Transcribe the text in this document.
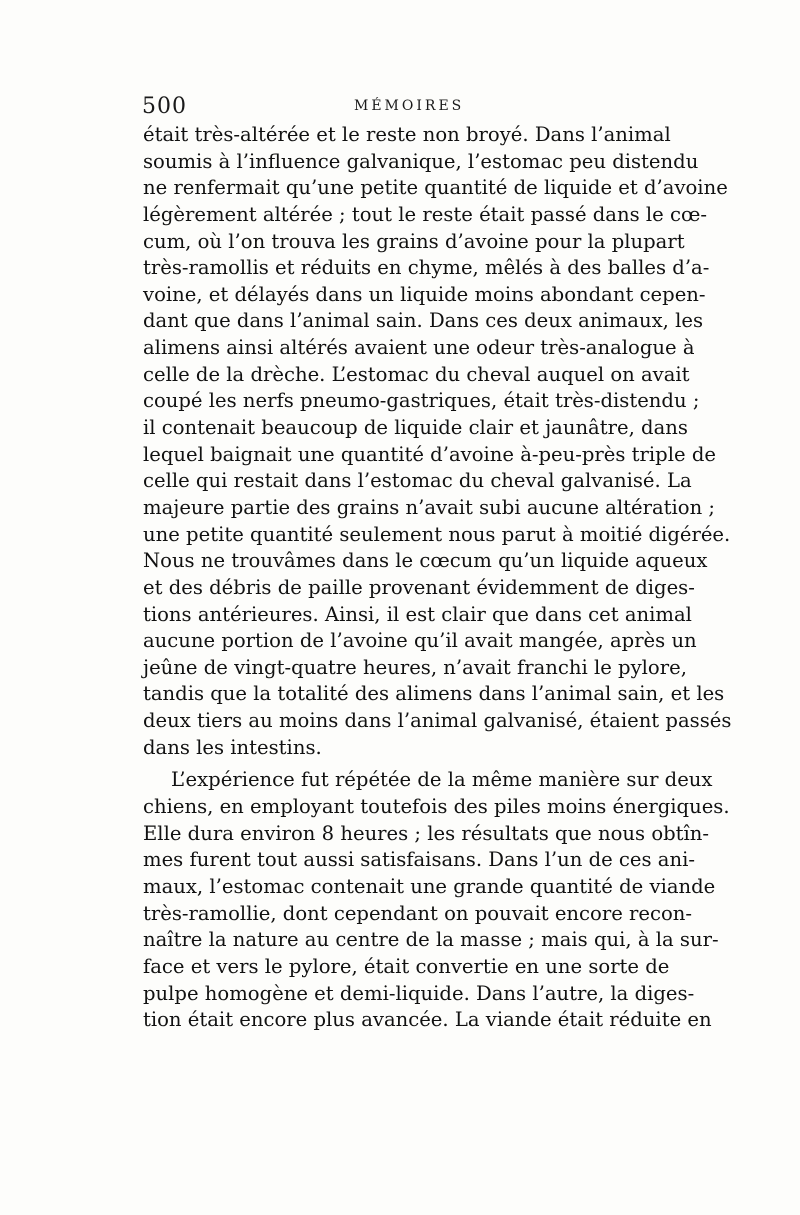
500	MÉMOIRES
était très-altérée et le reste non broyé. Dans l’animal
soumis à l’influence galvanique, l’estomac peu distendu
ne renfermait qu’une petite quantité de liquide et d’avoine
légèrement altérée ; tout le reste était passé dans le cœ-
cum, où l’on trouva les grains d’avoine pour la plupart
très-ramollis et réduits en chyme, mêlés à des balles d’a-
voine, et délayés dans un liquide moins abondant cepen-
dant que dans l’animal sain. Dans ces deux animaux, les
alimens ainsi altérés avaient une odeur très-analogue à
celle de la drèche. L’estomac du cheval auquel on avait
coupé les nerfs pneumo-gastriques, était très-distendu ;
il contenait beaucoup de liquide clair et jaunâtre, dans
lequel baignait une quantité d’avoine à-peu-près triple de
celle qui restait dans l’estomac du cheval galvanisé. La
majeure partie des grains n’avait subi aucune altération ;
une petite quantité seulement nous parut à moitié digérée.
Nous ne trouvâmes dans le cœcum qu’un liquide aqueux
et des débris de paille provenant évidemment de diges-
tions antérieures. Ainsi, il est clair que dans cet animal
aucune portion de l’avoine qu’il avait mangée, après un
jeûne de vingt-quatre heures, n’avait franchi le pylore,
tandis que la totalité des alimens dans l’animal sain, et les
deux tiers au moins dans l’animal galvanisé, étaient passés
dans les intestins.
L’expérience fut répétée de la même manière sur deux
chiens, en employant toutefois des piles moins énergiques.
Elle dura environ 8 heures ; les résultats que nous obtîn-
mes furent tout aussi satisfaisans. Dans l’un de ces ani-
maux, l’estomac contenait une grande quantité de viande
très-ramollie, dont cependant on pouvait encore recon-
naître la nature au centre de la masse ; mais qui, à la sur-
face et vers le pylore, était convertie en une sorte de
pulpe homogène et demi-liquide. Dans l’autre, la diges-
tion était encore plus avancée. La viande était réduite en
